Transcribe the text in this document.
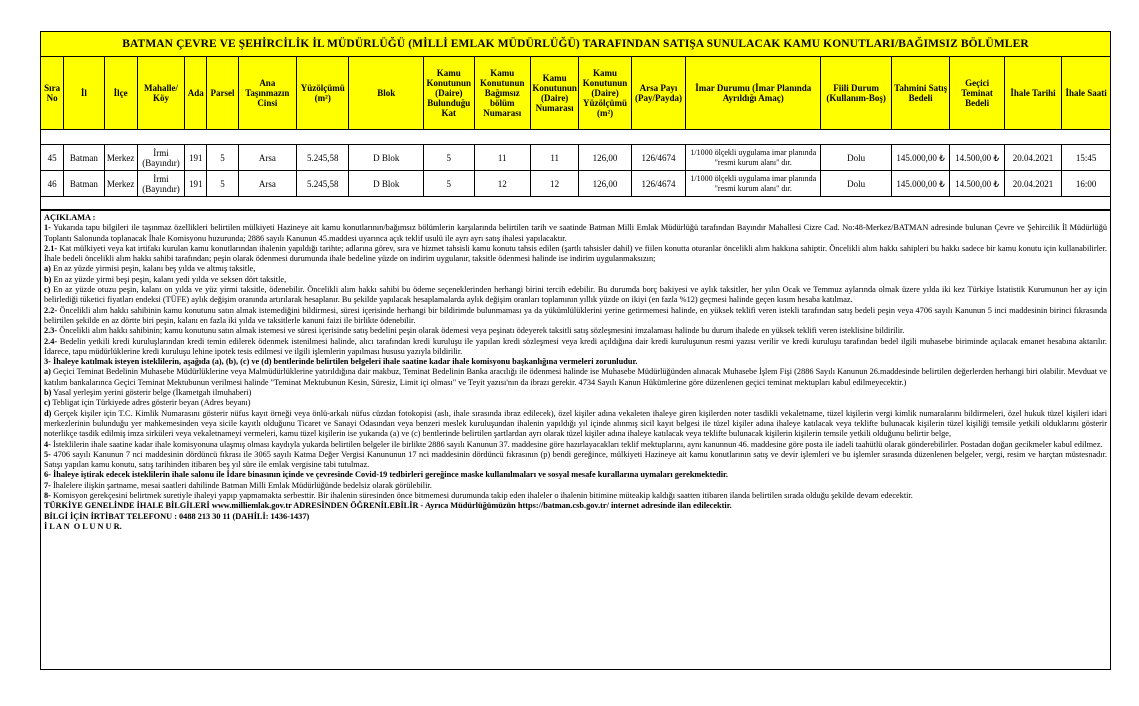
BATMAN ÇEVRE VE ŞEHİRCİLİK İL MÜDÜRLÜĞÜ (MİLLİ EMLAK MÜDÜRLÜĞÜ) TARAFINDAN SATIŞA SUNULACAK KAMU KONUTLARI/BAĞIMSIZ BÖLÜMLER																			
Sıra No	İl	İlçe	Mahalle/ Köy	Ada	Parsel	Ana Taşınmazın Cinsi	Yüzölçümü (m²)	Blok	Kamu Konutunun (Daire) Bulunduğu Kat	Kamu Konutunun Bağımsız bölüm Numarası	Kamu Konutunun (Daire) Numarası	Kamu Konutunun (Daire) Yüzölçümü (m²)	Arsa Payı (Pay/Payda)	İmar Durumu (İmar Planında Ayrıldığı Amaç)	Fiili Durum (Kullanım-Boş)	Tahmini Satış Bedeli	Geçici Teminat Bedeli	İhale Tarihi	İhale Saati

45	Batman	Merkez	İrmi (Bayındır)	191	5	Arsa	5.245,58	D Blok	5	11	11	126,00	126/4674	1/1000 ölçekli uygulama imar planında "resmi kurum alanı" dır.	Dolu	145.000,00 ₺	14.500,00 ₺	20.04.2021	15:45
46	Batman	Merkez	İrmi (Bayındır)	191	5	Arsa	5.245,58	D Blok	5	12	12	126,00	126/4674	1/1000 ölçekli uygulama imar planında "resmi kurum alanı" dır.	Dolu	145.000,00 ₺	14.500,00 ₺	20.04.2021	16:00

AÇIKLAMA :

1- Yukarıda tapu bilgileri ile taşınmaz özellikleri belirtilen mülkiyeti Hazineye ait kamu konutlarının/bağımsız bölümlerin karşılarında belirtilen tarih ve saatinde Batman Milli Emlak Müdürlüğü tarafından Bayındır Mahallesi Cizre Cad. No:48-Merkez/BATMAN adresinde bulunan Çevre ve Şehircilik İl Müdürlüğü Toplantı Salonunda toplanacak İhale Komisyonu huzurunda; 2886 sayılı Kanunun 45.maddesi uyarınca açık teklif usulü ile ayrı ayrı satış ihalesi yapılacaktır.

2.1- Kat mülkiyeti veya kat irtifakı kurulan kamu konutlarından ihalenin yapıldığı tarihte; adlarına görev, sıra ve hizmet tahsisli kamu konutu tahsis edilen (şartlı tahsisler dahil) ve fiilen konutta oturanlar öncelikli alım hakkına sahiptir. Öncelikli alım hakkı sahipleri bu hakkı sadece bir kamu konutu için kullanabilirler. İhale bedeli öncelikli alım hakkı sahibi tarafından; peşin olarak ödenmesi durumunda ihale bedeline yüzde on indirim uygulanır, taksitle ödenmesi halinde ise indirim uygulanmaksızın;

a) En az yüzde yirmisi peşin, kalanı beş yılda ve altmış taksitle,

b) En az yüzde yirmi beşi peşin, kalanı yedi yılda ve seksen dört taksitle,

c) En az yüzde otuzu peşin, kalanı on yılda ve yüz yirmi taksitle, ödenebilir. Öncelikli alım hakkı sahibi bu ödeme seçeneklerinden herhangi birini tercih edebilir. Bu durumda borç bakiyesi ve aylık taksitler, her yılın Ocak ve Temmuz aylarında olmak üzere yılda iki kez Türkiye İstatistik Kurumunun her ay için belirlediği tüketici fiyatları endeksi (TÜFE) aylık değişim oranında artırılarak hesaplanır. Bu şekilde yapılacak hesaplamalarda aylık değişim oranları toplamının yıllık yüzde on ikiyi (en fazla %12) geçmesi halinde geçen kısım hesaba katılmaz.

2.2- Öncelikli alım hakkı sahibinin kamu konutunu satın almak istemediğini bildirmesi, süresi içerisinde herhangi bir bildirimde bulunmaması ya da yükümlülüklerini yerine getirmemesi halinde, en yüksek teklifi veren istekli tarafından satış bedeli peşin veya 4706 sayılı Kanunun 5 inci maddesinin birinci fıkrasında belirtilen şekilde en az dörtte biri peşin, kalanı en fazla iki yılda ve taksitlerle kanuni faizi ile birlikte ödenebilir.

2.3- Öncelikli alım hakkı sahibinin; kamu konutunu satın almak istemesi ve süresi içerisinde satış bedelini peşin olarak ödemesi veya peşinatı ödeyerek taksitli satış sözleşmesini imzalaması halinde bu durum ihalede en yüksek teklifi veren isteklisine bildirilir.

2.4- Bedelin yetkili kredi kuruluşlarından kredi temin edilerek ödenmek istenilmesi halinde, alıcı tarafından kredi kuruluşu ile yapılan kredi sözleşmesi veya kredi açıldığına dair kredi kuruluşunun resmi yazısı verilir ve kredi kuruluşu tarafından bedel ilgili muhasebe biriminde açılacak emanet hesabına aktarılır. İdarece, tapu müdürlüklerine kredi kuruluşu lehine ipotek tesis edilmesi ve ilgili işlemlerin yapılması hususu yazıyla bildirilir.

3- İhaleye katılmak isteyen isteklilerin, aşağıda (a), (b), (c) ve (d) bentlerinde belirtilen belgeleri ihale saatine kadar ihale komisyonu başkanlığına vermeleri zorunludur.

a) Geçici Teminat Bedelinin Muhasebe Müdürlüklerine veya Malmüdürlüklerine yatırıldığına dair makbuz, Teminat Bedelinin Banka aracılığı ile ödenmesi halinde ise Muhasebe Müdürlüğünden alınacak Muhasebe İşlem Fişi (2886 Sayılı Kanunun 26.maddesinde belirtilen değerlerden herhangi biri olabilir. Mevduat ve katılım bankalarınca Geçici Teminat Mektubunun verilmesi halinde "Teminat Mektubunun Kesin, Süresiz, Limit içi olması" ve Teyit yazısı'nın da ibrazı gerekir. 4734 Sayılı Kanun Hükümlerine göre düzenlenen geçici teminat mektupları kabul edilmeyecektir.)

b) Yasal yerleşim yerini gösterir belge (İkametgah ilmuhaberi)

c) Tebligat için Türkiyede adres gösterir beyan (Adres beyanı)

d) Gerçek kişiler için T.C. Kimlik Numarasını gösterir nüfus kayıt örneği veya önlü-arkalı nüfus cüzdan fotokopisi (aslı, ihale sırasında ibraz edilecek), özel kişiler adına vekaleten ihaleye giren kişilerden noter tasdikli vekaletname, tüzel kişilerin vergi kimlik numaralarını bildirmeleri, özel hukuk tüzel kişileri idari merkezlerinin bulunduğu yer mahkemesinden veya sicile kayıtlı olduğunu Ticaret ve Sanayi Odasından veya benzeri meslek kuruluşundan ihalenin yapıldığı yıl içinde alınmış sicil kayıt belgesi ile tüzel kişiler adına ihaleye katılacak veya teklifte bulunacak kişilerin tüzel kişiliği temsile yetkili olduklarını gösterir noterlikçe tasdik edilmiş imza sirküleri veya vekaletnameyi vermeleri, kamu tüzel kişilerin ise yukarıda (a) ve (c) bentlerinde belirtilen şartlardan ayrı olarak tüzel kişiler adına ihaleye katılacak veya teklifte bulunacak kişilerin kişilerin temsile yetkili olduğunu belirtir belge,

4- İsteklilerin ihale saatine kadar ihale komisyonuna ulaşmış olması kaydıyla yukarda belirtilen belgeler ile birlikte 2886 sayılı Kanunun 37. maddesine göre hazırlayacakları teklif mektuplarını, aynı kanunnun 46. maddesine göre posta ile iadeli taahütlü olarak gönderebilirler. Postadan doğan gecikmeler kabul edilmez.

5- 4706 sayılı Kanunun 7 nci maddesinin dördüncü fıkrası ile 3065 sayılı Katma Değer Vergisi Kanununun 17 nci maddesinin dördüncü fıkrasının (p) bendi gereğince, mülkiyeti Hazineye ait kamu konutlarının satış ve devir işlemleri ve bu işlemler sırasında düzenlenen belgeler, vergi, resim ve harçtan müstesnadır. Satışı yapılan kamu konutu, satış tarihinden itibaren beş yıl süre ile emlak vergisine tabi tutulmaz.

6- İhaleye iştirak edecek isteklilerin ihale salonu ile İdare binasının içinde ve çevresinde Covid-19 tedbirleri gereğince maske kullanılmaları ve sosyal mesafe kurallarına uymaları gerekmektedir.

7- İhalelere ilişkin şartname, mesai saatleri dahilinde Batman Milli Emlak Müdürlüğünde bedelsiz olarak görülebilir.

8- Komisyon gerekçesini belirtmek suretiyle ihaleyi yapıp yapmamakta serbesttir. Bir ihalenin süresinden önce bitmemesi durumunda takip eden ihaleler o ihalenin bitimine müteakip kaldığı saatten itibaren ilanda belirtilen sırada olduğu şekilde devam edecektir.

TÜRKİYE GENELİNDE İHALE BİLGİLERİ www.milliemlak.gov.tr ADRESİNDEN ÖĞRENİLEBİLİR - Ayrıca Müdürlüğümüzün https://batman.csb.gov.tr/ internet adresinde ilan edilecektir.

BİLGİ İÇİN İRTİBAT TELEFONU : 0488 213 30 11 (DAHİLİ: 1436-1437)

İ L A N  O L U N U R.
